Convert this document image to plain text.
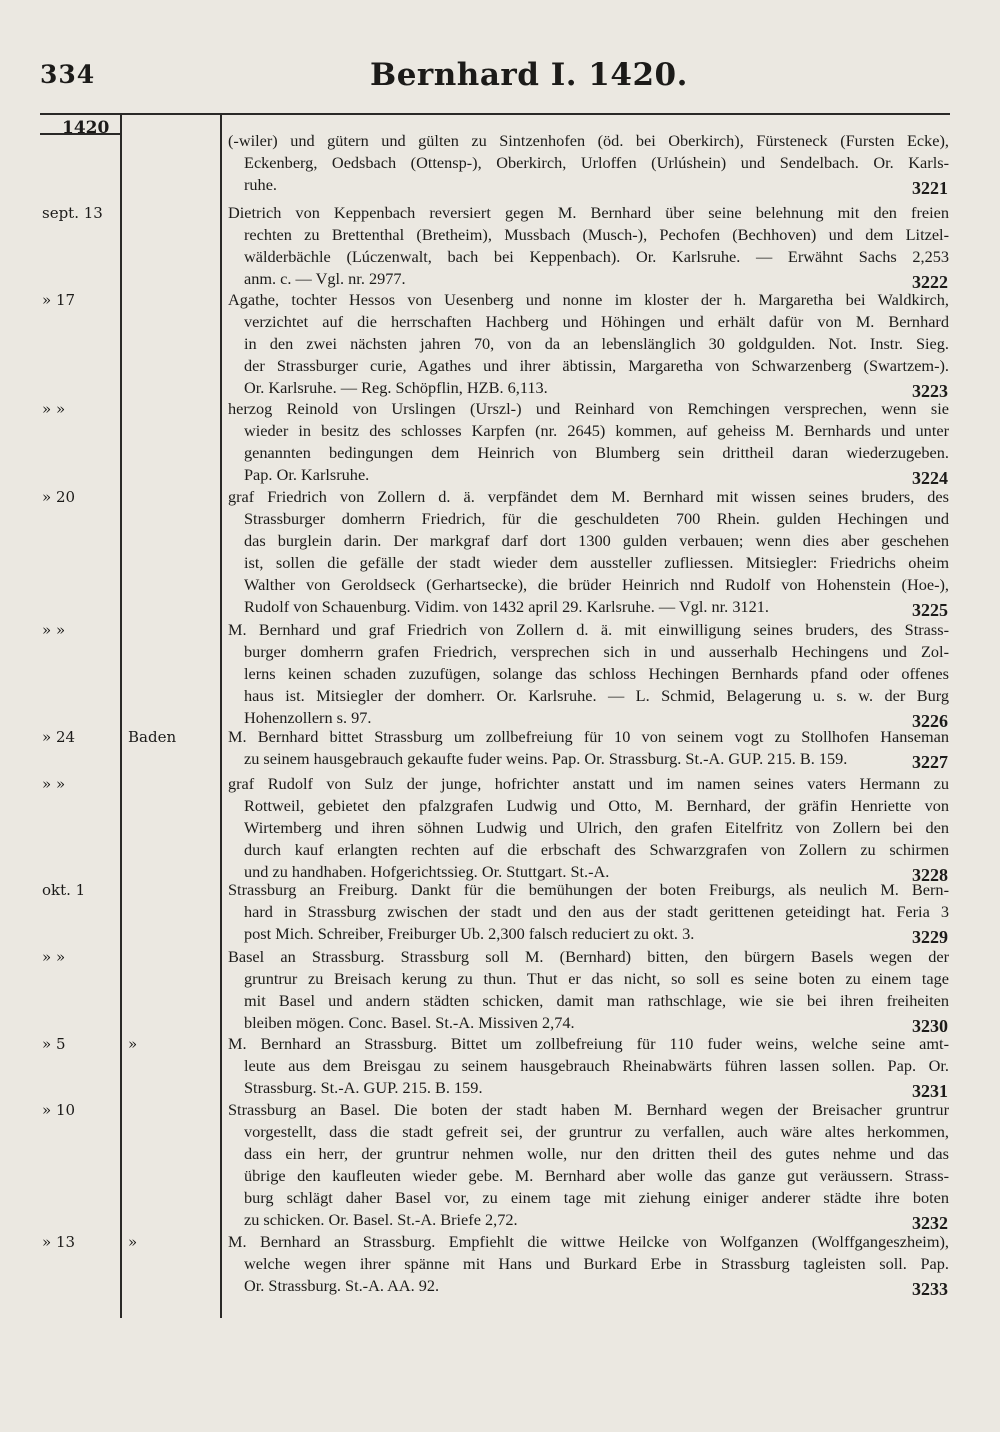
334	Bernhard I. 1420.
1420
(-wiler) und gütern und gülten zu Sintzenhofen (öd. bei Oberkirch), Fürsteneck (Fursten Ecke),
Eckenberg, Oedsbach (Ottensp-), Oberkirch, Urloffen (Urlúshein) und Sendelbach. Or. Karls-
ruhe.	3221
sept. 13	Dietrich von Keppenbach reversiert gegen M. Bernhard über seine belehnung mit den freien
rechten zu Brettenthal (Bretheim), Mussbach (Musch-), Pechofen (Bechhoven) und dem Litzel-
wälderbächle (Lúczenwalt, bach bei Keppenbach). Or. Karlsruhe. — Erwähnt Sachs 2,253
anm. c. — Vgl. nr. 2977.	3222
» 17	Agathe, tochter Hessos von Uesenberg und nonne im kloster der h. Margaretha bei Waldkirch,
verzichtet auf die herrschaften Hachberg und Höhingen und erhält dafür von M. Bernhard
in den zwei nächsten jahren 70, von da an lebenslänglich 30 goldgulden. Not. Instr. Sieg.
der Strassburger curie, Agathes und ihrer äbtissin, Margaretha von Schwarzenberg (Swartzem-).
Or. Karlsruhe. — Reg. Schöpflin, HZB. 6,113.	3223
» »	herzog Reinold von Urslingen (Urszl-) und Reinhard von Remchingen versprechen, wenn sie
wieder in besitz des schlosses Karpfen (nr. 2645) kommen, auf geheiss M. Bernhards und unter
genannten bedingungen dem Heinrich von Blumberg sein drittheil daran wiederzugeben.
Pap. Or. Karlsruhe.	3224
» 20	graf Friedrich von Zollern d. ä. verpfändet dem M. Bernhard mit wissen seines bruders, des
Strassburger domherrn Friedrich, für die geschuldeten 700 Rhein. gulden Hechingen und
das burglein darin. Der markgraf darf dort 1300 gulden verbauen; wenn dies aber geschehen
ist, sollen die gefälle der stadt wieder dem aussteller zufliessen. Mitsiegler: Friedrichs oheim
Walther von Geroldseck (Gerhartsecke), die brüder Heinrich nnd Rudolf von Hohenstein (Hoe-),
Rudolf von Schauenburg. Vidim. von 1432 april 29. Karlsruhe. — Vgl. nr. 3121.	3225
» »	M. Bernhard und graf Friedrich von Zollern d. ä. mit einwilligung seines bruders, des Strass-
burger domherrn grafen Friedrich, versprechen sich in und ausserhalb Hechingens und Zol-
lerns keinen schaden zuzufügen, solange das schloss Hechingen Bernhards pfand oder offenes
haus ist. Mitsiegler der domherr. Or. Karlsruhe. — L. Schmid, Belagerung u. s. w. der Burg
Hohenzollern s. 97.	3226
» 24	Baden	M. Bernhard bittet Strassburg um zollbefreiung für 10 von seinem vogt zu Stollhofen Hanseman
zu seinem hausgebrauch gekaufte fuder weins. Pap. Or. Strassburg. St.-A. GUP. 215. B. 159.	3227
» »	graf Rudolf von Sulz der junge, hofrichter anstatt und im namen seines vaters Hermann zu
Rottweil, gebietet den pfalzgrafen Ludwig und Otto, M. Bernhard, der gräfin Henriette von
Wirtemberg und ihren söhnen Ludwig und Ulrich, den grafen Eitelfritz von Zollern bei den
durch kauf erlangten rechten auf die erbschaft des Schwarzgrafen von Zollern zu schirmen
und zu handhaben. Hofgerichtssieg. Or. Stuttgart. St.-A.	3228
okt. 1	Strassburg an Freiburg. Dankt für die bemühungen der boten Freiburgs, als neulich M. Bern-
hard in Strassburg zwischen der stadt und den aus der stadt gerittenen geteidingt hat. Feria 3
post Mich. Schreiber, Freiburger Ub. 2,300 falsch reduciert zu okt. 3.	3229
» »	Basel an Strassburg. Strassburg soll M. (Bernhard) bitten, den bürgern Basels wegen der
gruntrur zu Breisach kerung zu thun. Thut er das nicht, so soll es seine boten zu einem tage
mit Basel und andern städten schicken, damit man rathschlage, wie sie bei ihren freiheiten
bleiben mögen. Conc. Basel. St.-A. Missiven 2,74.	3230
» 5	»	M. Bernhard an Strassburg. Bittet um zollbefreiung für 110 fuder weins, welche seine amt-
leute aus dem Breisgau zu seinem hausgebrauch Rheinabwärts führen lassen sollen. Pap. Or.
Strassburg. St.-A. GUP. 215. B. 159.	3231
» 10	Strassburg an Basel. Die boten der stadt haben M. Bernhard wegen der Breisacher gruntrur
vorgestellt, dass die stadt gefreit sei, der gruntrur zu verfallen, auch wäre altes herkommen,
dass ein herr, der gruntrur nehmen wolle, nur den dritten theil des gutes nehme und das
übrige den kaufleuten wieder gebe. M. Bernhard aber wolle das ganze gut veräussern. Strass-
burg schlägt daher Basel vor, zu einem tage mit ziehung einiger anderer städte ihre boten
zu schicken. Or. Basel. St.-A. Briefe 2,72.	3232
» 13	»	M. Bernhard an Strassburg. Empfiehlt die wittwe Heilcke von Wolfganzen (Wolffgangeszheim),
welche wegen ihrer spänne mit Hans und Burkard Erbe in Strassburg tagleisten soll. Pap.
Or. Strassburg. St.-A. AA. 92.	3233
